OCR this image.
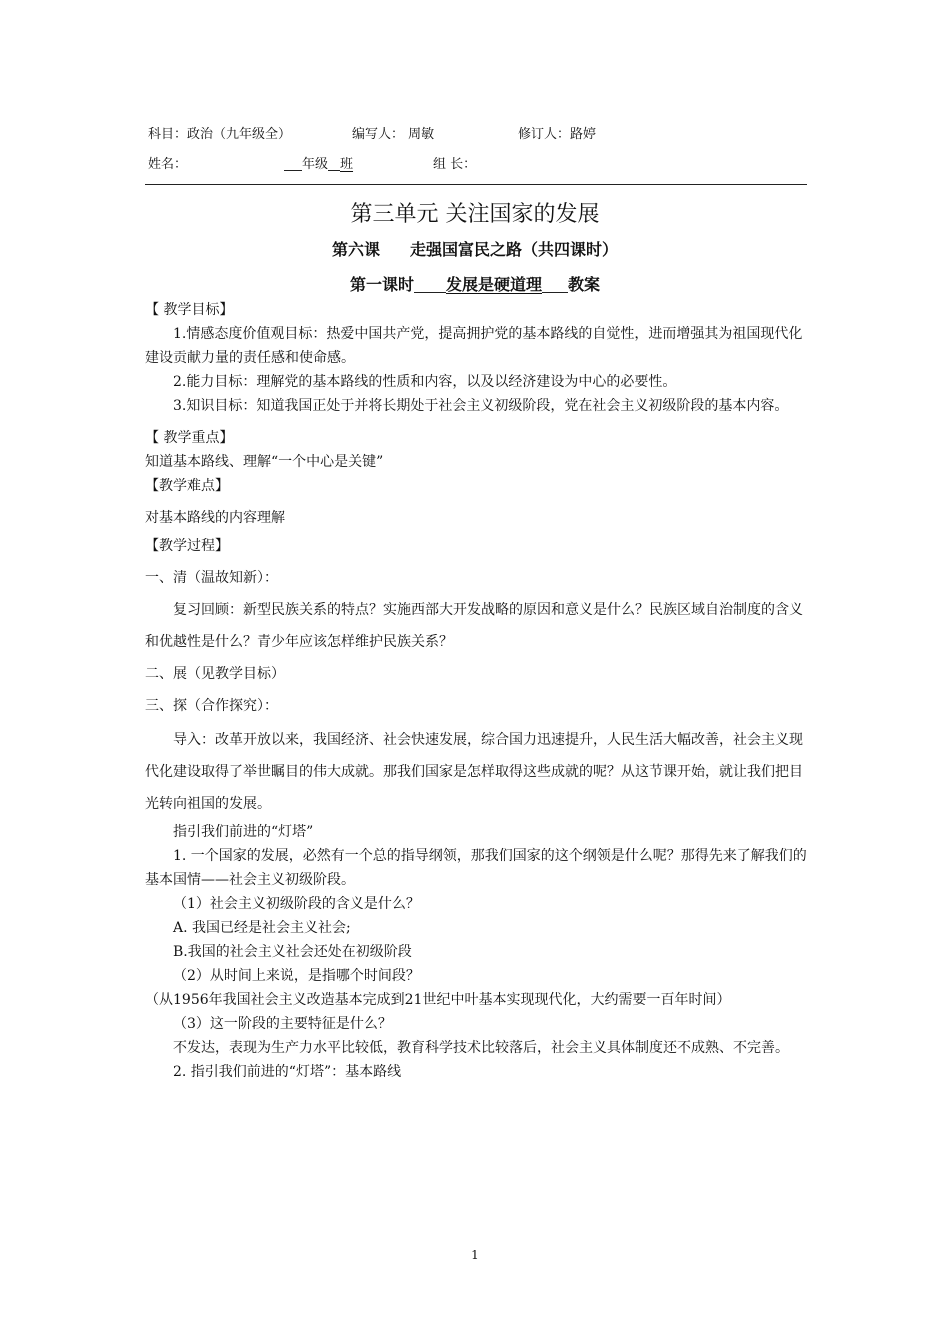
科目：政治（九年级全）	编写人： 周敏	修订人：路婷
姓名：	年级 班	组 长：
第三单元 关注国家的发展
第六课 走强国富民之路（共四课时）
第一课时 发展是硬道理 教案

【 教学目标】

1.情感态度价值观目标：热爱中国共产党，提高拥护党的基本路线的自觉性，进而增强其为祖国现代化建设贡献力量的责任感和使命感。

2.能力目标：理解党的基本路线的性质和内容，以及以经济建设为中心的必要性。

3.知识目标：知道我国正处于并将长期处于社会主义初级阶段，党在社会主义初级阶段的基本内容。

【 教学重点】

知道基本路线、理解“一个中心是关键”

【教学难点】

对基本路线的内容理解

【教学过程】

一、清（温故知新）：

复习回顾：新型民族关系的特点？实施西部大开发战略的原因和意义是什么？民族区域自治制度的含义和优越性是什么？青少年应该怎样维护民族关系？

二、展（见教学目标）

三、探（合作探究）：

导入：改革开放以来，我国经济、社会快速发展，综合国力迅速提升，人民生活大幅改善，社会主义现代化建设取得了举世瞩目的伟大成就。那我们国家是怎样取得这些成就的呢？从这节课开始，就让我们把目光转向祖国的发展。

指引我们前进的“灯塔”

1. 一个国家的发展，必然有一个总的指导纲领，那我们国家的这个纲领是什么呢？那得先来了解我们的基本国情——社会主义初级阶段。

（1）社会主义初级阶段的含义是什么？

A. 我国已经是社会主义社会;

B.我国的社会主义社会还处在初级阶段

（2）从时间上来说，是指哪个时间段？

（从1956年我国社会主义改造基本完成到21世纪中叶基本实现现代化，大约需要一百年时间）

（3）这一阶段的主要特征是什么？

不发达，表现为生产力水平比较低，教育科学技术比较落后，社会主义具体制度还不成熟、不完善。

2. 指引我们前进的“灯塔”：基本路线

1
